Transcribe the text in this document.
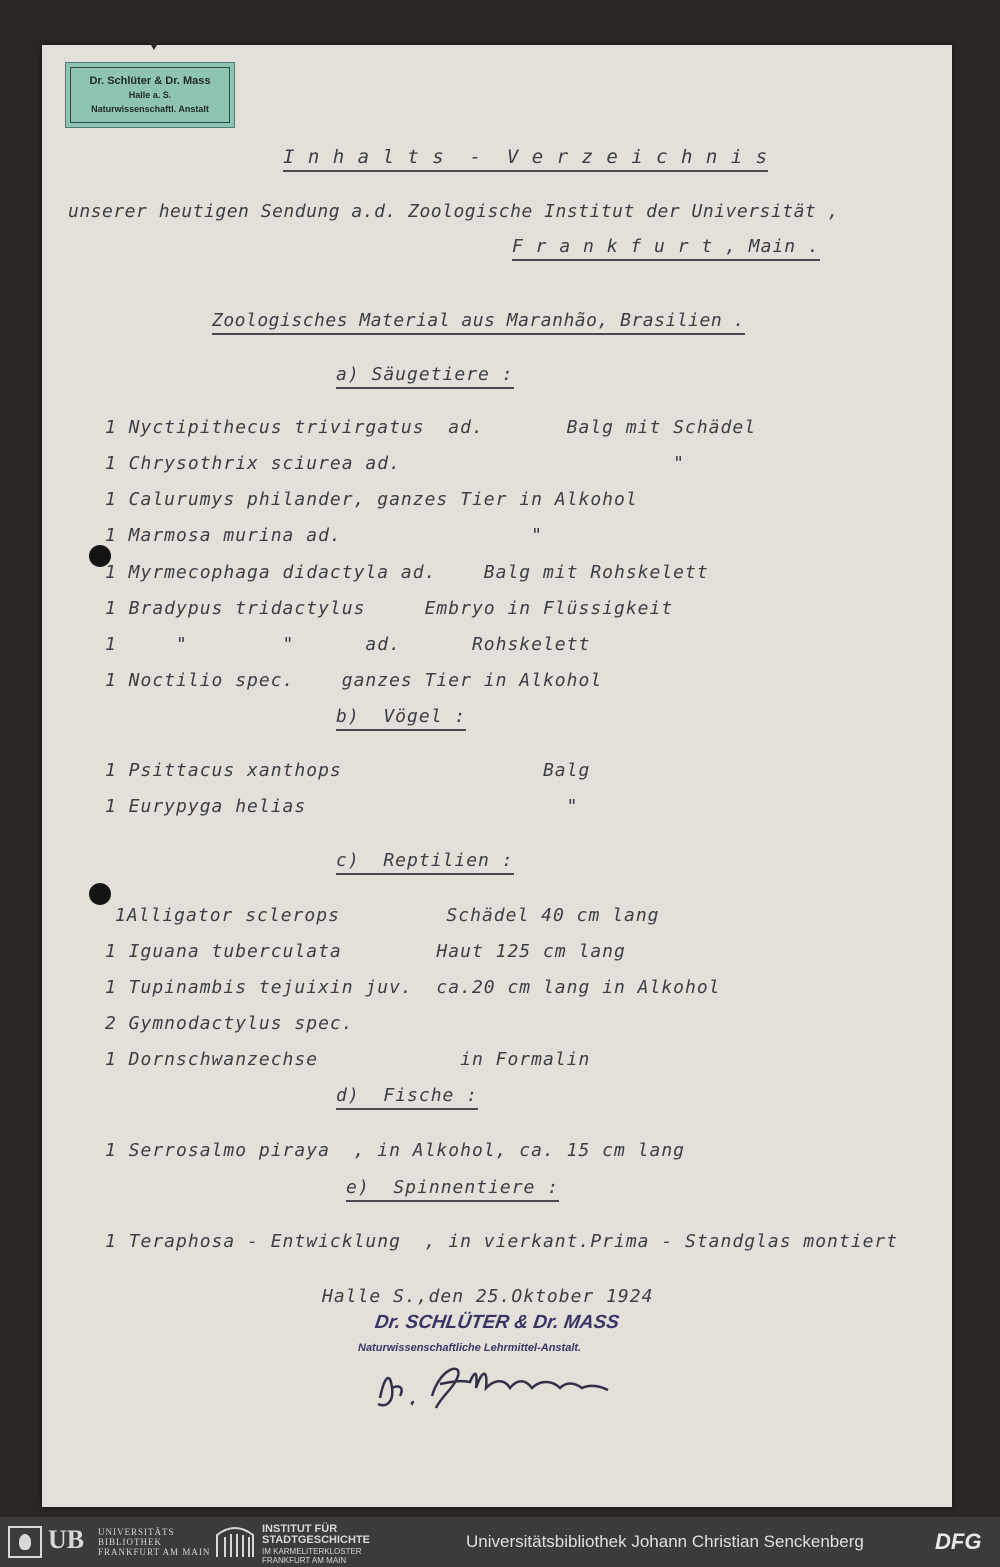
Dr. Schlüter & Dr. Mass
Halle a. S.
Naturwissenschaftl. Anstalt
I n h a l t s  -  V e r z e i c h n i s
unserer heutigen Sendung a.d. Zoologische Institut der Universität ,
F r a n k f u r t , Main .
Zoologisches Material aus Maranhão, Brasilien .
a) Säugetiere :
1 Nyctipithecus trivirgatus  ad.       Balg mit Schädel
1 Chrysothrix sciurea ad.                       "
1 Calurumys philander, ganzes Tier in Alkohol
1 Marmosa murina ad.                "
1 Myrmecophaga didactyla ad.    Balg mit Rohskelett
1 Bradypus tridactylus     Embryo in Flüssigkeit
1     "        "      ad.      Rohskelett
1 Noctilio spec.    ganzes Tier in Alkohol
b)  Vögel :
1 Psittacus xanthops                 Balg
1 Eurypyga helias                      "
c)  Reptilien :
1Alligator sclerops         Schädel 40 cm lang
1 Iguana tuberculata        Haut 125 cm lang
1 Tupinambis tejuixin juv.  ca.20 cm lang in Alkohol
2 Gymnodactylus spec.
1 Dornschwanzechse            in Formalin
d)  Fische :
1 Serrosalmo piraya  , in Alkohol, ca. 15 cm lang
e)  Spinnentiere :
1 Teraphosa - Entwicklung  , in vierkant.Prima - Standglas montiert
Halle S.,den 25.Oktober 1924
Dr. SCHLÜTER & Dr. MASS
Naturwissenschaftliche Lehrmittel-Anstalt.
UB UNIVERSITÄTS
BIBLIOTHEK
FRANKFURT AM MAIN
INSTITUT FÜR
STADTGESCHICHTE
IM KARMELITERKLOSTER
FRANKFURT AM MAIN
Universitätsbibliothek Johann Christian Senckenberg	DFG
